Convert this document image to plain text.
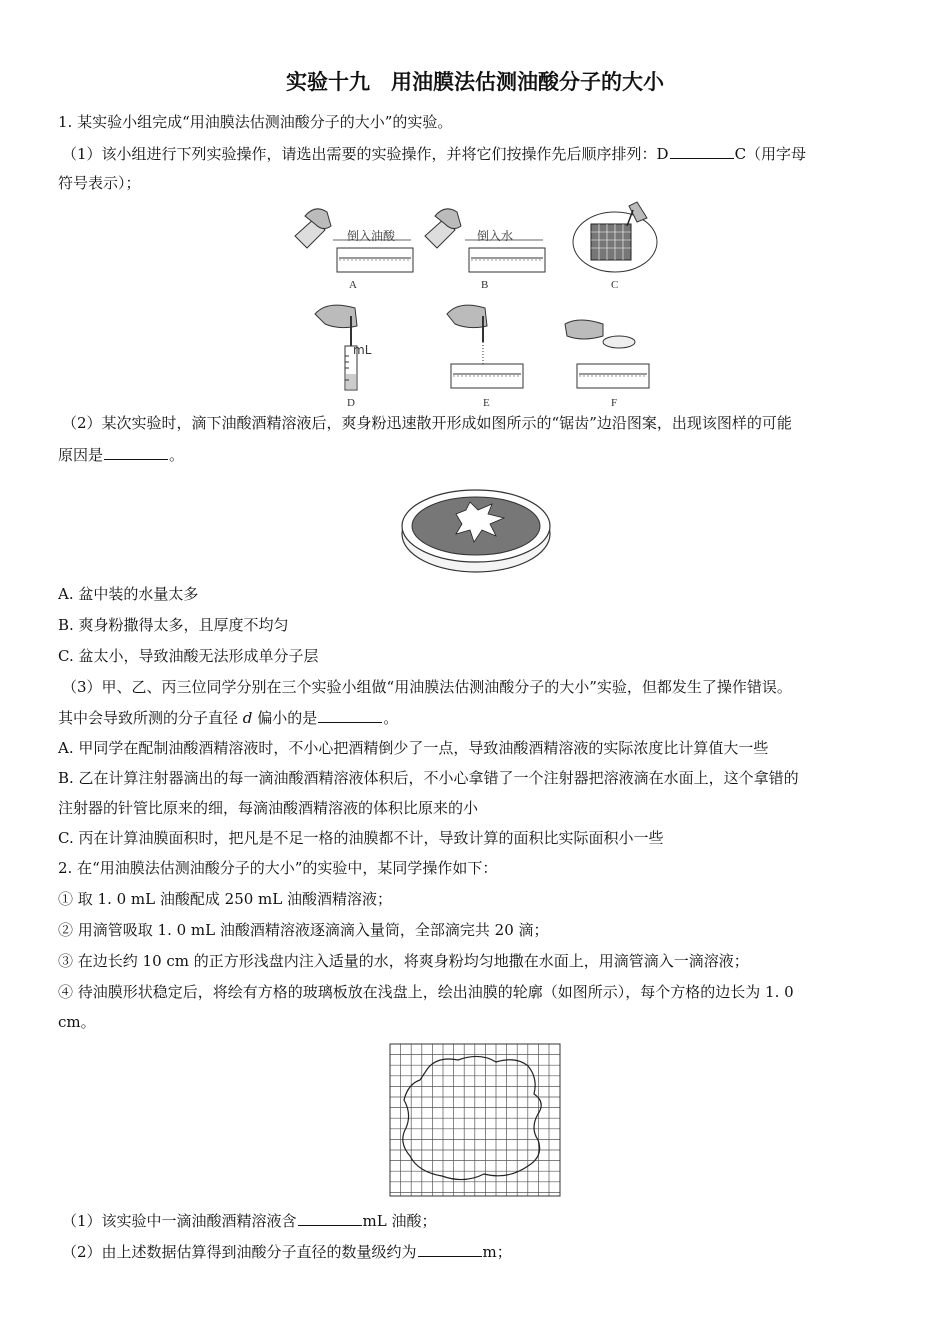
实验十九　用油膜法估测油酸分子的大小
1. 某实验小组完成“用油膜法估测油酸分子的大小”的实验。
（1）该小组进行下列实验操作，请选出需要的实验操作，并将它们按操作先后顺序排列：D	C（用字母
符号表示）；
倒入油酸
A
倒入水
B	C
mL
D	E	F
（2）某次实验时，滴下油酸酒精溶液后，爽身粉迅速散开形成如图所示的“锯齿”边沿图案，出现该图样的可能
原因是	。
A. 盆中装的水量太多
B. 爽身粉撒得太多，且厚度不均匀
C. 盆太小，导致油酸无法形成单分子层
（3）甲、乙、丙三位同学分别在三个实验小组做“用油膜法估测油酸分子的大小”实验，但都发生了操作错误。
其中会导致所测的分子直径 d 偏小的是	。
A. 甲同学在配制油酸酒精溶液时，不小心把酒精倒少了一点，导致油酸酒精溶液的实际浓度比计算值大一些
B. 乙在计算注射器滴出的每一滴油酸酒精溶液体积后，不小心拿错了一个注射器把溶液滴在水面上，这个拿错的
注射器的针管比原来的细，每滴油酸酒精溶液的体积比原来的小
C. 丙在计算油膜面积时，把凡是不足一格的油膜都不计，导致计算的面积比实际面积小一些
2. 在“用油膜法估测油酸分子的大小”的实验中，某同学操作如下：
① 取 1. 0 mL 油酸配成 250 mL 油酸酒精溶液；
② 用滴管吸取 1. 0 mL 油酸酒精溶液逐滴滴入量筒，全部滴完共 20 滴；
③ 在边长约 10 cm 的正方形浅盘内注入适量的水，将爽身粉均匀地撒在水面上，用滴管滴入一滴溶液；
④ 待油膜形状稳定后，将绘有方格的玻璃板放在浅盘上，绘出油膜的轮廓（如图所示），每个方格的边长为 1. 0
cm。
（1）该实验中一滴油酸酒精溶液含	mL 油酸；
（2）由上述数据估算得到油酸分子直径的数量级约为	m；
